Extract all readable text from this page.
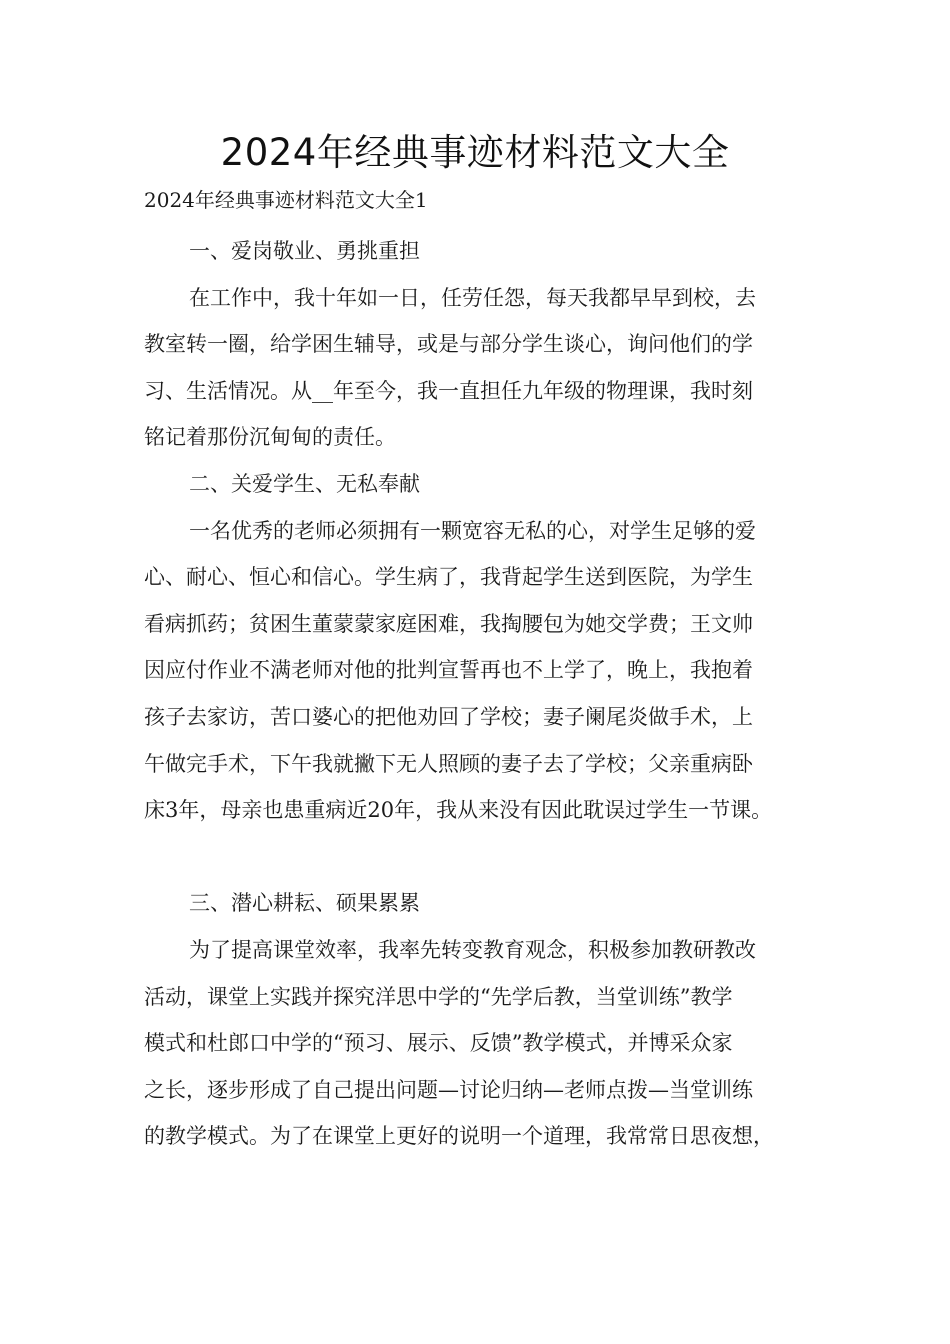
2024年经典事迹材料范文大全
2024年经典事迹材料范文大全1
一、爱岗敬业、勇挑重担
在工作中，我十年如一日，任劳任怨，每天我都早早到校，去
教室转一圈，给学困生辅导，或是与部分学生谈心，询问他们的学
习、生活情况。从__年至今，我一直担任九年级的物理课，我时刻
铭记着那份沉甸甸的责任。
二、关爱学生、无私奉献
一名优秀的老师必须拥有一颗宽容无私的心，对学生足够的爱
心、耐心、恒心和信心。学生病了，我背起学生送到医院，为学生
看病抓药；贫困生董蒙蒙家庭困难，我掏腰包为她交学费；王文帅
因应付作业不满老师对他的批判宣誓再也不上学了，晚上，我抱着
孩子去家访，苦口婆心的把他劝回了学校；妻子阑尾炎做手术，上
午做完手术，下午我就撇下无人照顾的妻子去了学校；父亲重病卧
床3年，母亲也患重病近20年，我从来没有因此耽误过学生一节课。
三、潜心耕耘、硕果累累
为了提高课堂效率，我率先转变教育观念，积极参加教研教改
活动，课堂上实践并探究洋思中学的“先学后教，当堂训练”教学
模式和杜郎口中学的“预习、展示、反馈”教学模式，并博采众家
之长，逐步形成了自己提出问题—讨论归纳—老师点拨—当堂训练
的教学模式。为了在课堂上更好的说明一个道理，我常常日思夜想，
